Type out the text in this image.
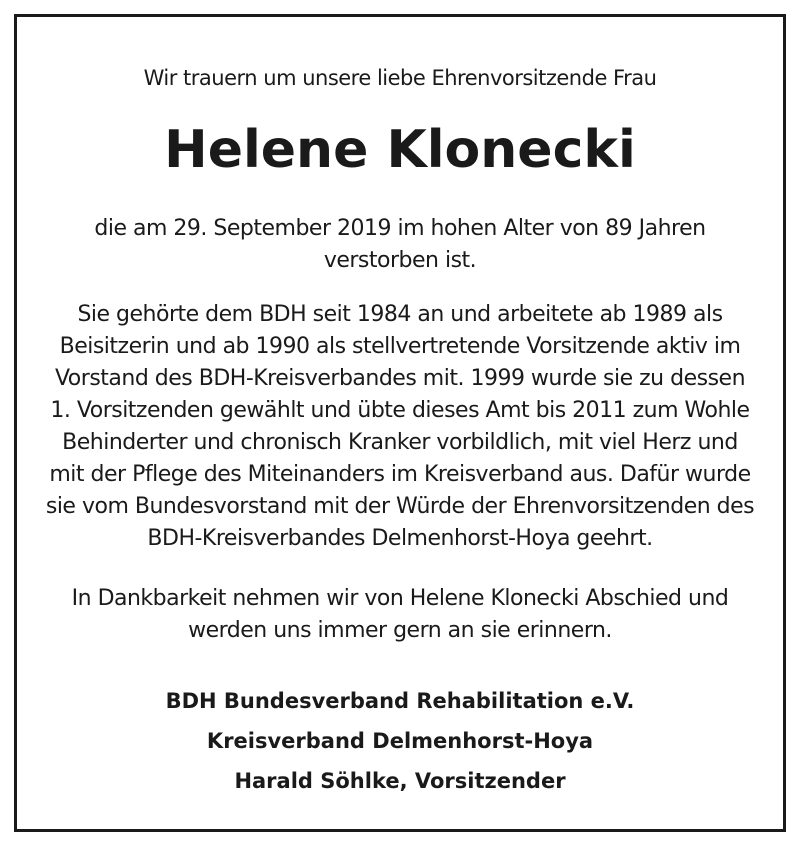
Wir trauern um unsere liebe Ehrenvorsitzende Frau
Helene Klonecki
die am 29. September 2019 im hohen Alter von 89 Jahren
verstorben ist.
Sie gehörte dem BDH seit 1984 an und arbeitete ab 1989 als
Beisitzerin und ab 1990 als stellvertretende Vorsitzende aktiv im
Vorstand des BDH-Kreisverbandes mit. 1999 wurde sie zu dessen
1. Vorsitzenden gewählt und übte dieses Amt bis 2011 zum Wohle
Behinderter und chronisch Kranker vorbildlich, mit viel Herz und
mit der Pflege des Miteinanders im Kreisverband aus. Dafür wurde
sie vom Bundesvorstand mit der Würde der Ehrenvorsitzenden des
BDH-Kreisverbandes Delmenhorst-Hoya geehrt.
In Dankbarkeit nehmen wir von Helene Klonecki Abschied und
werden uns immer gern an sie erinnern.
BDH Bundesverband Rehabilitation e.V.
Kreisverband Delmenhorst-Hoya
Harald Söhlke, Vorsitzender
